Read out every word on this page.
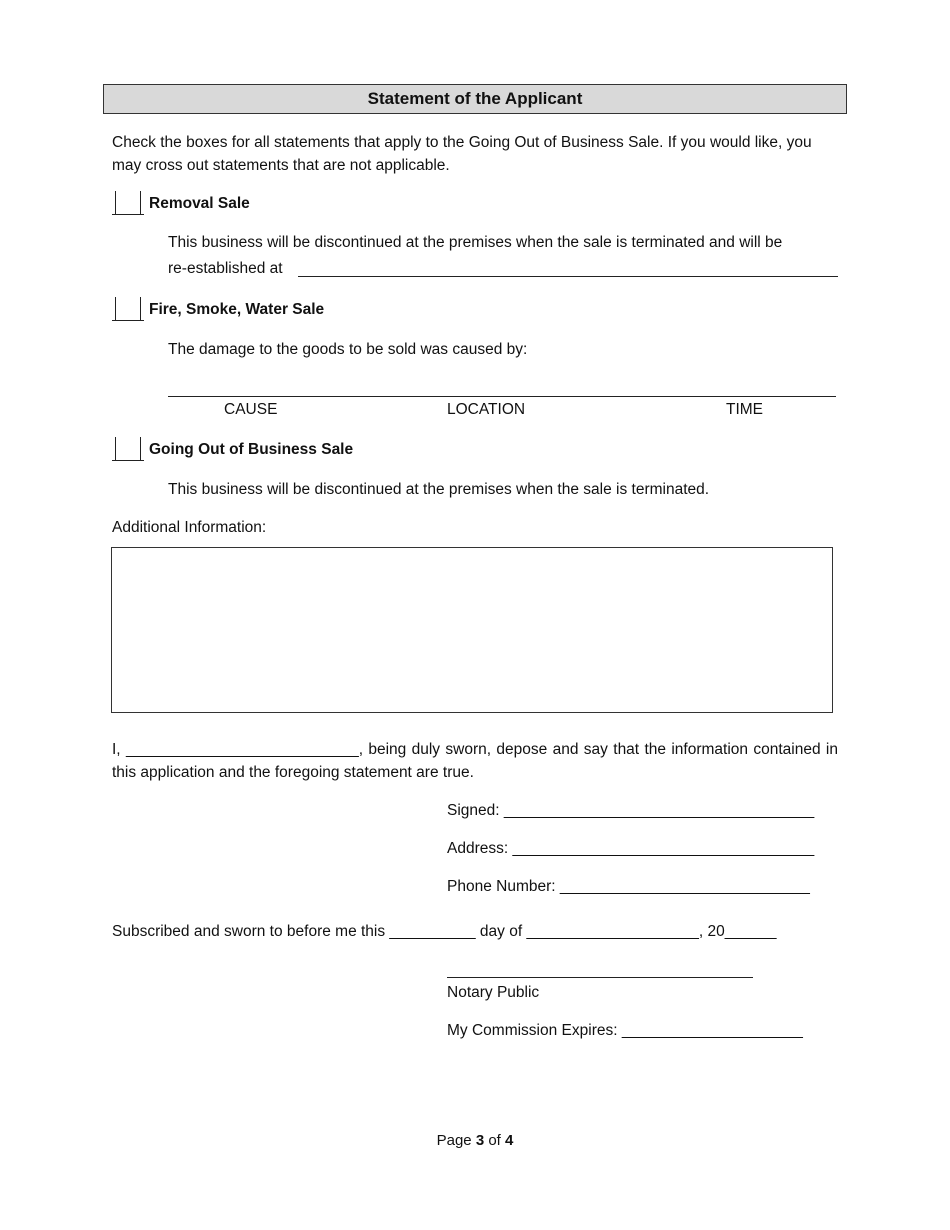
Statement of the Applicant
Check the boxes for all statements that apply to the Going Out of Business Sale. If you would like, you may cross out statements that are not applicable.
Removal Sale
This business will be discontinued at the premises when the sale is terminated and will be
re-established at
Fire, Smoke, Water Sale
The damage to the goods to be sold was caused by:
CAUSE	LOCATION	TIME
Going Out of Business Sale
This business will be discontinued at the premises when the sale is terminated.
Additional Information:
I, ___________________________, being duly sworn, depose and say that the information contained in this application and the foregoing statement are true.
Signed: ____________________________________
Address: ___________________________________
Phone Number: _____________________________
Subscribed and sworn to before me this __________ day of ____________________, 20______
Notary Public
My Commission Expires: _____________________
Page 3 of 4
